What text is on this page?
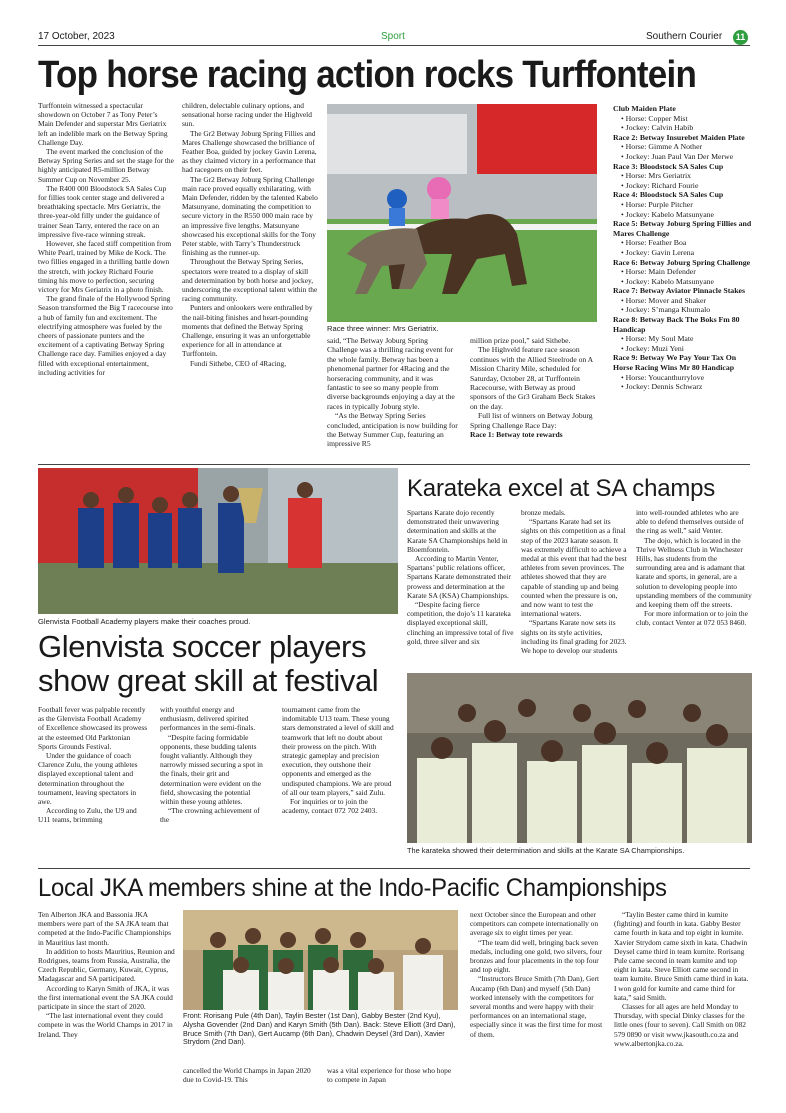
17 October, 2023	Sport	Southern Courier	11
Top horse racing action rocks Turffontein

Turffontein witnessed a spectacular showdown on October 7 as Tony Peter’s Main Defender and superstar Mrs Geriatrix left an indelible mark on the Betway Spring Challenge Day.

The event marked the conclusion of the Betway Spring Series and set the stage for the highly anticipated R5-million Betway Summer Cup on November 25.

The R400 000 Bloodstock SA Sales Cup for fillies took center stage and delivered a breathtaking spectacle. Mrs Geriatrix, the three-year-old filly under the guidance of trainer Sean Tarry, entered the race on an impressive five-race winning streak.

However, she faced stiff competition from White Pearl, trained by Mike de Kock. The two fillies engaged in a thrilling battle down the stretch, with jockey Richard Fourie timing his move to perfection, securing victory for Mrs Geriatrix in a photo finish.

The grand finale of the Hollywood Spring Season transformed the Big T racecourse into a hub of family fun and excitement. The electrifying atmosphere was fueled by the cheers of passionate punters and the excitement of a captivating Betway Spring Challenge race day. Families enjoyed a day filled with exceptional entertainment, including activities for

children, delectable culinary options, and sensational horse racing under the Highveld sun.

The Gr2 Betway Joburg Spring Fillies and Mares Challenge showcased the brilliance of Feather Boa, guided by jockey Gavin Lerena, as they claimed victory in a performance that had racegoers on their feet.

The Gr2 Betway Joburg Spring Challenge main race proved equally exhilarating, with Main Defender, ridden by the talented Kabelo Matsunyane, dominating the competition to secure victory in the R550 000 main race by an impressive five lengths. Matsunyane showcased his exceptional skills for the Tony Peter stable, with Tarry’s Thunderstruck finishing as the runner-up.

Throughout the Betway Spring Series, spectators were treated to a display of skill and determination by both horse and jockey, underscoring the exceptional talent within the racing community.

Punters and onlookers were enthralled by the nail-biting finishes and heart-pounding moments that defined the Betway Spring Challenge, ensuring it was an unforgettable experience for all in attendance at Turffontein.

Fundi Sithebe, CEO of 4Racing,

Race three winner: Mrs Geriatrix.

said, “The Betway Joburg Spring Challenge was a thrilling racing event for the whole family. Betway has been a phenomenal partner for 4Racing and the horseracing community, and it was fantastic to see so many people from diverse backgrounds enjoying a day at the races in typically Joburg style.

“As the Betway Spring Series concluded, anticipation is now building for the Betway Summer Cup, featuring an impressive R5

million prize pool,” said Sithebe.

The Highveld feature race season continues with the Allied Steelrode on A Mission Charity Mile, scheduled for Saturday, October 28, at Turffontein Racecourse, with Betway as proud sponsors of the Gr3 Graham Beck Stakes on the day.

Full list of winners on Betway Joburg Spring Challenge Race Day:

Race 1: Betway tote rewards

Club Maiden Plate
• Horse: Copper Mist
• Jockey: Calvin Habib
Race 2: Betway Insurebet Maiden Plate
• Horse: Gimme A Nother
• Jockey: Juan Paul Van Der Merwe
Race 3: Bloodstock SA Sales Cup
• Horse: Mrs Geriatrix
• Jockey: Richard Fourie
Race 4: Bloodstock SA Sales Cup
• Horse: Purple Pitcher
• Jockey: Kabelo Matsunyane
Race 5: Betway Joburg Spring Fillies and Mares Challenge
• Horse: Feather Boa
• Jockey: Gavin Lerena
Race 6: Betway Joburg Spring Challenge
• Horse: Main Defender
• Jockey: Kabelo Matsunyane
Race 7: Betway Aviator Pinnacle Stakes
• Horse: Mover and Shaker
• Jockey: S’manga Khumalo
Race 8: Betway Back The Boks Fm 80 Handicap
• Horse: My Soul Mate
• Jockey: Muzi Yeni
Race 9: Betway We Pay Your Tax On Horse Racing Wins Mr 80 Handicap
• Horse: Youcanthurrylove
• Jockey: Dennis Schwarz
Glenvista Football Academy players make their coaches proud.
Glenvista soccer players show great skill at festival

Football fever was palpable recently as the Glenvista Football Academy of Excellence showcased its prowess at the esteemed Old Parktonian Sports Grounds Festival.

Under the guidance of coach Clarence Zulu, the young athletes displayed exceptional talent and determination throughout the tournament, leaving spectators in awe.

According to Zulu, the U9 and U11 teams, brimming

with youthful energy and enthusiasm, delivered spirited performances in the semi-finals.

“Despite facing formidable opponents, these budding talents fought valiantly. Although they narrowly missed securing a spot in the finals, their grit and determination were evident on the field, showcasing the potential within these young athletes.

“The crowning achievement of the

tournament came from the indomitable U13 team. These young stars demonstrated a level of skill and teamwork that left no doubt about their prowess on the pitch. With strategic gameplay and precision execution, they outshone their opponents and emerged as the undisputed champions. We are proud of all our team players,” said Zulu.

For inquiries or to join the academy, contact 072 702 2403.

Karateka excel at SA champs

Spartans Karate dojo recently demonstrated their unwavering determination and skills at the Karate SA Championships held in Bloemfontein.

According to Martin Venter, Spartans’ public relations officer, Spartans Karate demonstrated their prowess and determination at the Karate SA (KSA) Championships.

“Despite facing fierce competition, the dojo’s 11 karateka displayed exceptional skill, clinching an impressive total of five gold, three silver and six

bronze medals.

“Spartans Karate had set its sights on this competition as a final step of the 2023 karate season. It was extremely difficult to achieve a medal at this event that had the best athletes from seven provinces. The athletes showed that they are capable of standing up and being counted when the pressure is on, and now want to test the international waters.

“Spartans Karate now sets its sights on its style activities, including its final grading for 2023. We hope to develop our students

into well-rounded athletes who are able to defend themselves outside of the ring as well,” said Venter.

The dojo, which is located in the Thrive Wellness Club in Winchester Hills, has students from the surrounding area and is adamant that karate and sports, in general, are a solution to developing people into upstanding members of the community and keeping them off the streets.

For more information or to join the club, contact Venter at 072 053 8460.

The karateka showed their determination and skills at the Karate SA Championships.
Local JKA members shine at the Indo-Pacific Championships

Ten Alberton JKA and Bassonia JKA members were part of the SA JKA team that competed at the Indo-Pacific Championships in Mauritius last month.

In addition to hosts Mauritius, Reunion and Rodrigues, teams from Russia, Australia, the Czech Republic, Germany, Kuwait, Cyprus, Madagascar and SA participated.

According to Karyn Smith of JKA, it was the first international event the SA JKA could participate in since the start of 2020.

“The last international event they could compete in was the World Champs in 2017 in Ireland. They

Front: Rorisang Pule (4th Dan), Taylin Bester (1st Dan), Gabby Bester (2nd Kyu), Alysha Govender (2nd Dan) and Karyn Smith (5th Dan). Back: Steve Elliott (3rd Dan), Bruce Smith (7th Dan), Gert Aucamp (6th Dan), Chadwin Deysel (3rd Dan), Xavier Strydom (2nd Dan).

cancelled the World Champs in Japan 2020 due to Covid-19. This

was a vital experience for those who hope to compete in Japan

next October since the European and other competitors can compete internationally on average six to eight times per year.

“The team did well, bringing back seven medals, including one gold, two silvers, four bronzes and four placements in the top four and top eight.

“Instructors Bruce Smith (7th Dan), Gert Aucamp (6th Dan) and myself (5th Dan) worked intensely with the competitors for several months and were happy with their performances on an international stage, especially since it was the first time for most of them.

“Taylin Bester came third in kumite (fighting) and fourth in kata. Gabby Bester came fourth in kata and top eight in kumite. Xavier Strydom came sixth in kata. Chadwin Deysel came third in team kumite. Rorisang Pule came second in team kumite and top eight in kata. Steve Elliott came second in team kumite. Bruce Smith came third in kata. I won gold for kumite and came third for kata,” said Smith.

Classes for all ages are held Monday to Thursday, with special Dinky classes for the little ones (four to seven). Call Smith on 082 579 0890 or visit www.jkasouth.co.za and www.albertonjka.co.za.
